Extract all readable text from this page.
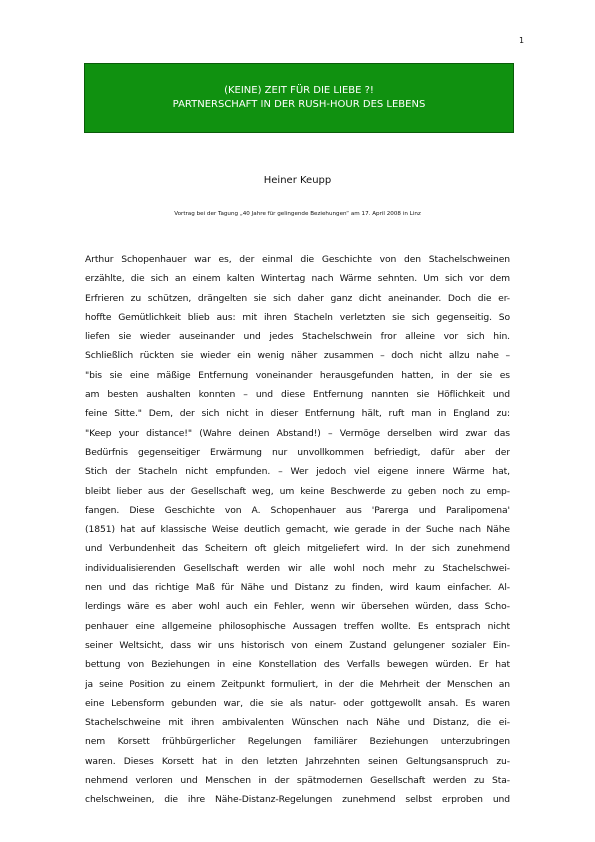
1
(KEINE) ZEIT FÜR DIE LIEBE ?!
PARTNERSCHAFT IN DER RUSH-HOUR DES LEBENS
Heiner Keupp
Vortrag bei der Tagung „40 Jahre für gelingende Beziehungen“ am 17. April 2008 in Linz
Arthur Schopenhauer war es, der einmal die Geschichte von den Stachelschweinen
erzählte, die sich an einem kalten Wintertag nach Wärme sehnten. Um sich vor dem
Erfrieren zu schützen, drängelten sie sich daher ganz dicht aneinander. Doch die er-
hoffte Gemütlichkeit blieb aus: mit ihren Stacheln verletzten sie sich gegenseitig. So
liefen sie wieder auseinander und jedes Stachelschwein fror alleine vor sich hin.
Schließlich rückten sie wieder ein wenig näher zusammen – doch nicht allzu nahe –
"bis sie eine mäßige Entfernung voneinander herausgefunden hatten, in der sie es
am besten aushalten konnten – und diese Entfernung nannten sie Höflichkeit und
feine Sitte." Dem, der sich nicht in dieser Entfernung hält, ruft man in England zu:
"Keep your distance!" (Wahre deinen Abstand!) – Vermöge derselben wird zwar das
Bedürfnis gegenseitiger Erwärmung nur unvollkommen befriedigt, dafür aber der
Stich der Stacheln nicht empfunden. – Wer jedoch viel eigene innere Wärme hat,
bleibt lieber aus der Gesellschaft weg, um keine Beschwerde zu geben noch zu emp-
fangen. Diese Geschichte von A. Schopenhauer aus 'Parerga und Paralipomena'
(1851) hat auf klassische Weise deutlich gemacht, wie gerade in der Suche nach Nähe
und Verbundenheit das Scheitern oft gleich mitgeliefert wird. In der sich zunehmend
individualisierenden Gesellschaft werden wir alle wohl noch mehr zu Stachelschwei-
nen und das richtige Maß für Nähe und Distanz zu finden, wird kaum einfacher. Al-
lerdings wäre es aber wohl auch ein Fehler, wenn wir übersehen würden, dass Scho-
penhauer eine allgemeine philosophische Aussagen treffen wollte. Es entsprach nicht
seiner Weltsicht, dass wir uns historisch von einem Zustand gelungener sozialer Ein-
bettung von Beziehungen in eine Konstellation des Verfalls bewegen würden. Er hat
ja seine Position zu einem Zeitpunkt formuliert, in der die Mehrheit der Menschen an
eine Lebensform gebunden war, die sie als natur- oder gottgewollt ansah. Es waren
Stachelschweine mit ihren ambivalenten Wünschen nach Nähe und Distanz, die ei-
nem Korsett frühbürgerlicher Regelungen familiärer Beziehungen unterzubringen
waren. Dieses Korsett hat in den letzten Jahrzehnten seinen Geltungsanspruch zu-
nehmend verloren und Menschen in der spätmodernen Gesellschaft werden zu Sta-
chelschweinen, die ihre Nähe-Distanz-Regelungen zunehmend selbst erproben und
